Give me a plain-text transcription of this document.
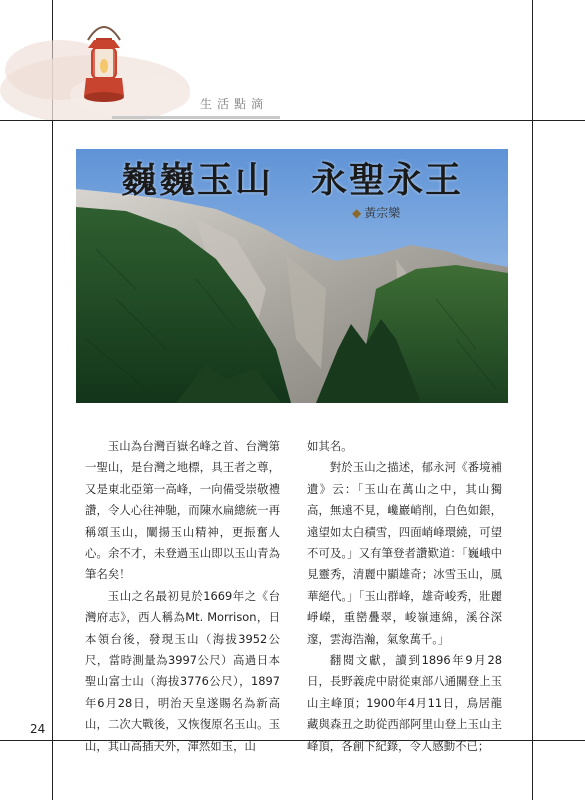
生活點滴
巍巍玉山　永聖永王
◆ 黃宗樂

玉山為台灣百嶽名峰之首、台灣第一聖山，是台灣之地標，具王者之尊，又是東北亞第一高峰，一向備受崇敬禮讚，令人心往神馳，而陳水扁總統一再稱頌玉山，闡揚玉山精神，更振奮人心。余不才，未登過玉山即以玉山青為筆名矣！

玉山之名最初見於1669年之《台灣府志》，西人稱為Mt. Morrison，日本領台後，發現玉山（海拔3952公尺，當時測量為3997公尺）高過日本聖山富士山（海拔3776公尺），1897年6月28日，明治天皇遂賜名為新高山，二次大戰後，又恢復原名玉山。玉山，其山高插天外，渾然如玉，山

如其名。

對於玉山之描述，郁永河《番境補遺》云：「玉山在萬山之中，其山獨高，無遠不見，巉巖峭削，白色如銀，遠望如太白積雪，四面峭峰環繞，可望不可及。」又有筆登者讚歎道：「巍峨中見靈秀，清麗中顯雄奇；冰雪玉山，風華絕代。」「玉山群峰，雄奇峻秀，壯麗崢嶸，重巒疊翠，峻嶺連綿，溪谷深邃，雲海浩瀚，氣象萬千。」

翻閱文獻，讀到1896年9月28日，長野義虎中尉從東部八通關登上玉山主峰頂；1900年4月11日，鳥居龍藏與森丑之助從西部阿里山登上玉山主峰頂，各創下紀錄，令人感動不已；

24
